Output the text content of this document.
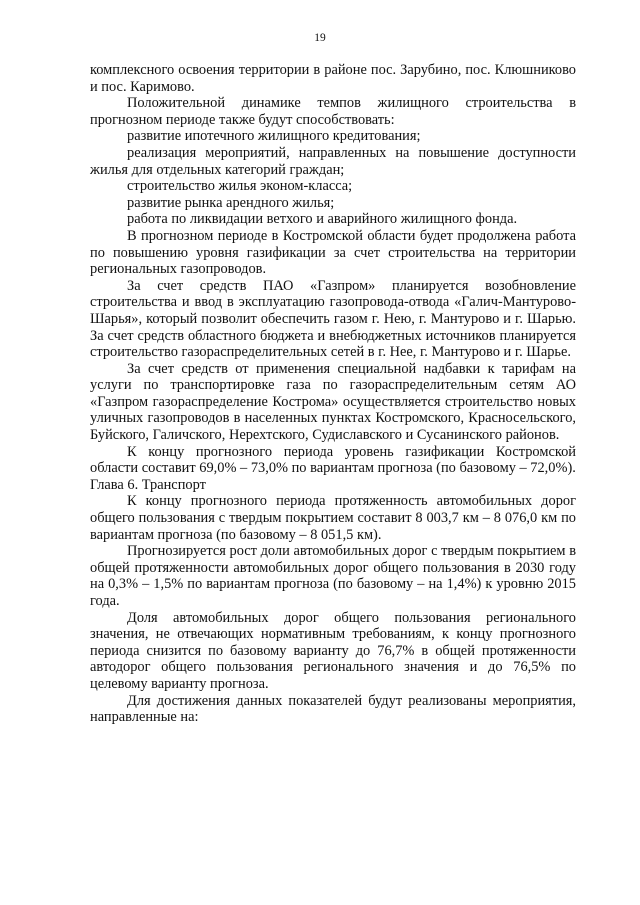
19

комплексного освоения территории в районе пос. Зарубино, пос. Клюшниково и пос. Каримово.

Положительной динамике темпов жилищного строительства в прогнозном периоде также будут способствовать:

развитие ипотечного жилищного кредитования;

реализация мероприятий, направленных на повышение доступности жилья для отдельных категорий граждан;

строительство жилья эконом-класса;

развитие рынка арендного жилья;

работа по ликвидации ветхого и аварийного жилищного фонда.

В прогнозном периоде в Костромской области будет продолжена работа по повышению уровня газификации за счет строительства на территории региональных газопроводов.

За счет средств ПАО «Газпром» планируется возобновление строительства и ввод в эксплуатацию газопровода-отвода «Галич-Мантурово-Шарья», который позволит обеспечить газом г. Нею, г. Мантурово и г. Шарью. За счет средств областного бюджета и внебюджетных источников планируется строительство газораспределительных сетей в г. Нее, г. Мантурово и г. Шарье.

За счет средств от применения специальной надбавки к тарифам на услуги по транспортировке газа по газораспределительным сетям АО «Газпром газораспределение Кострома» осуществляется строительство новых уличных газопроводов в населенных пунктах Костромского, Красносельского, Буйского, Галичского, Нерехтского, Судиславского и Сусанинского районов.

К концу прогнозного периода уровень газификации Костромской области составит 69,0% – 73,0% по вариантам прогноза (по базовому – 72,0%).

Глава 6. Транспорт

К концу прогнозного периода протяженность автомобильных дорог общего пользования с твердым покрытием составит 8 003,7 км – 8 076,0 км по вариантам прогноза (по базовому – 8 051,5 км).

Прогнозируется рост доли автомобильных дорог с твердым покрытием в общей протяженности автомобильных дорог общего пользования в 2030 году на 0,3% – 1,5% по вариантам прогноза (по базовому – на 1,4%) к уровню 2015 года.

Доля автомобильных дорог общего пользования регионального значения, не отвечающих нормативным требованиям, к концу прогнозного периода снизится по базовому варианту до 76,7% в общей протяженности автодорог общего пользования регионального значения и до 76,5% по целевому варианту прогноза.

Для достижения данных показателей будут реализованы мероприятия, направленные на:
